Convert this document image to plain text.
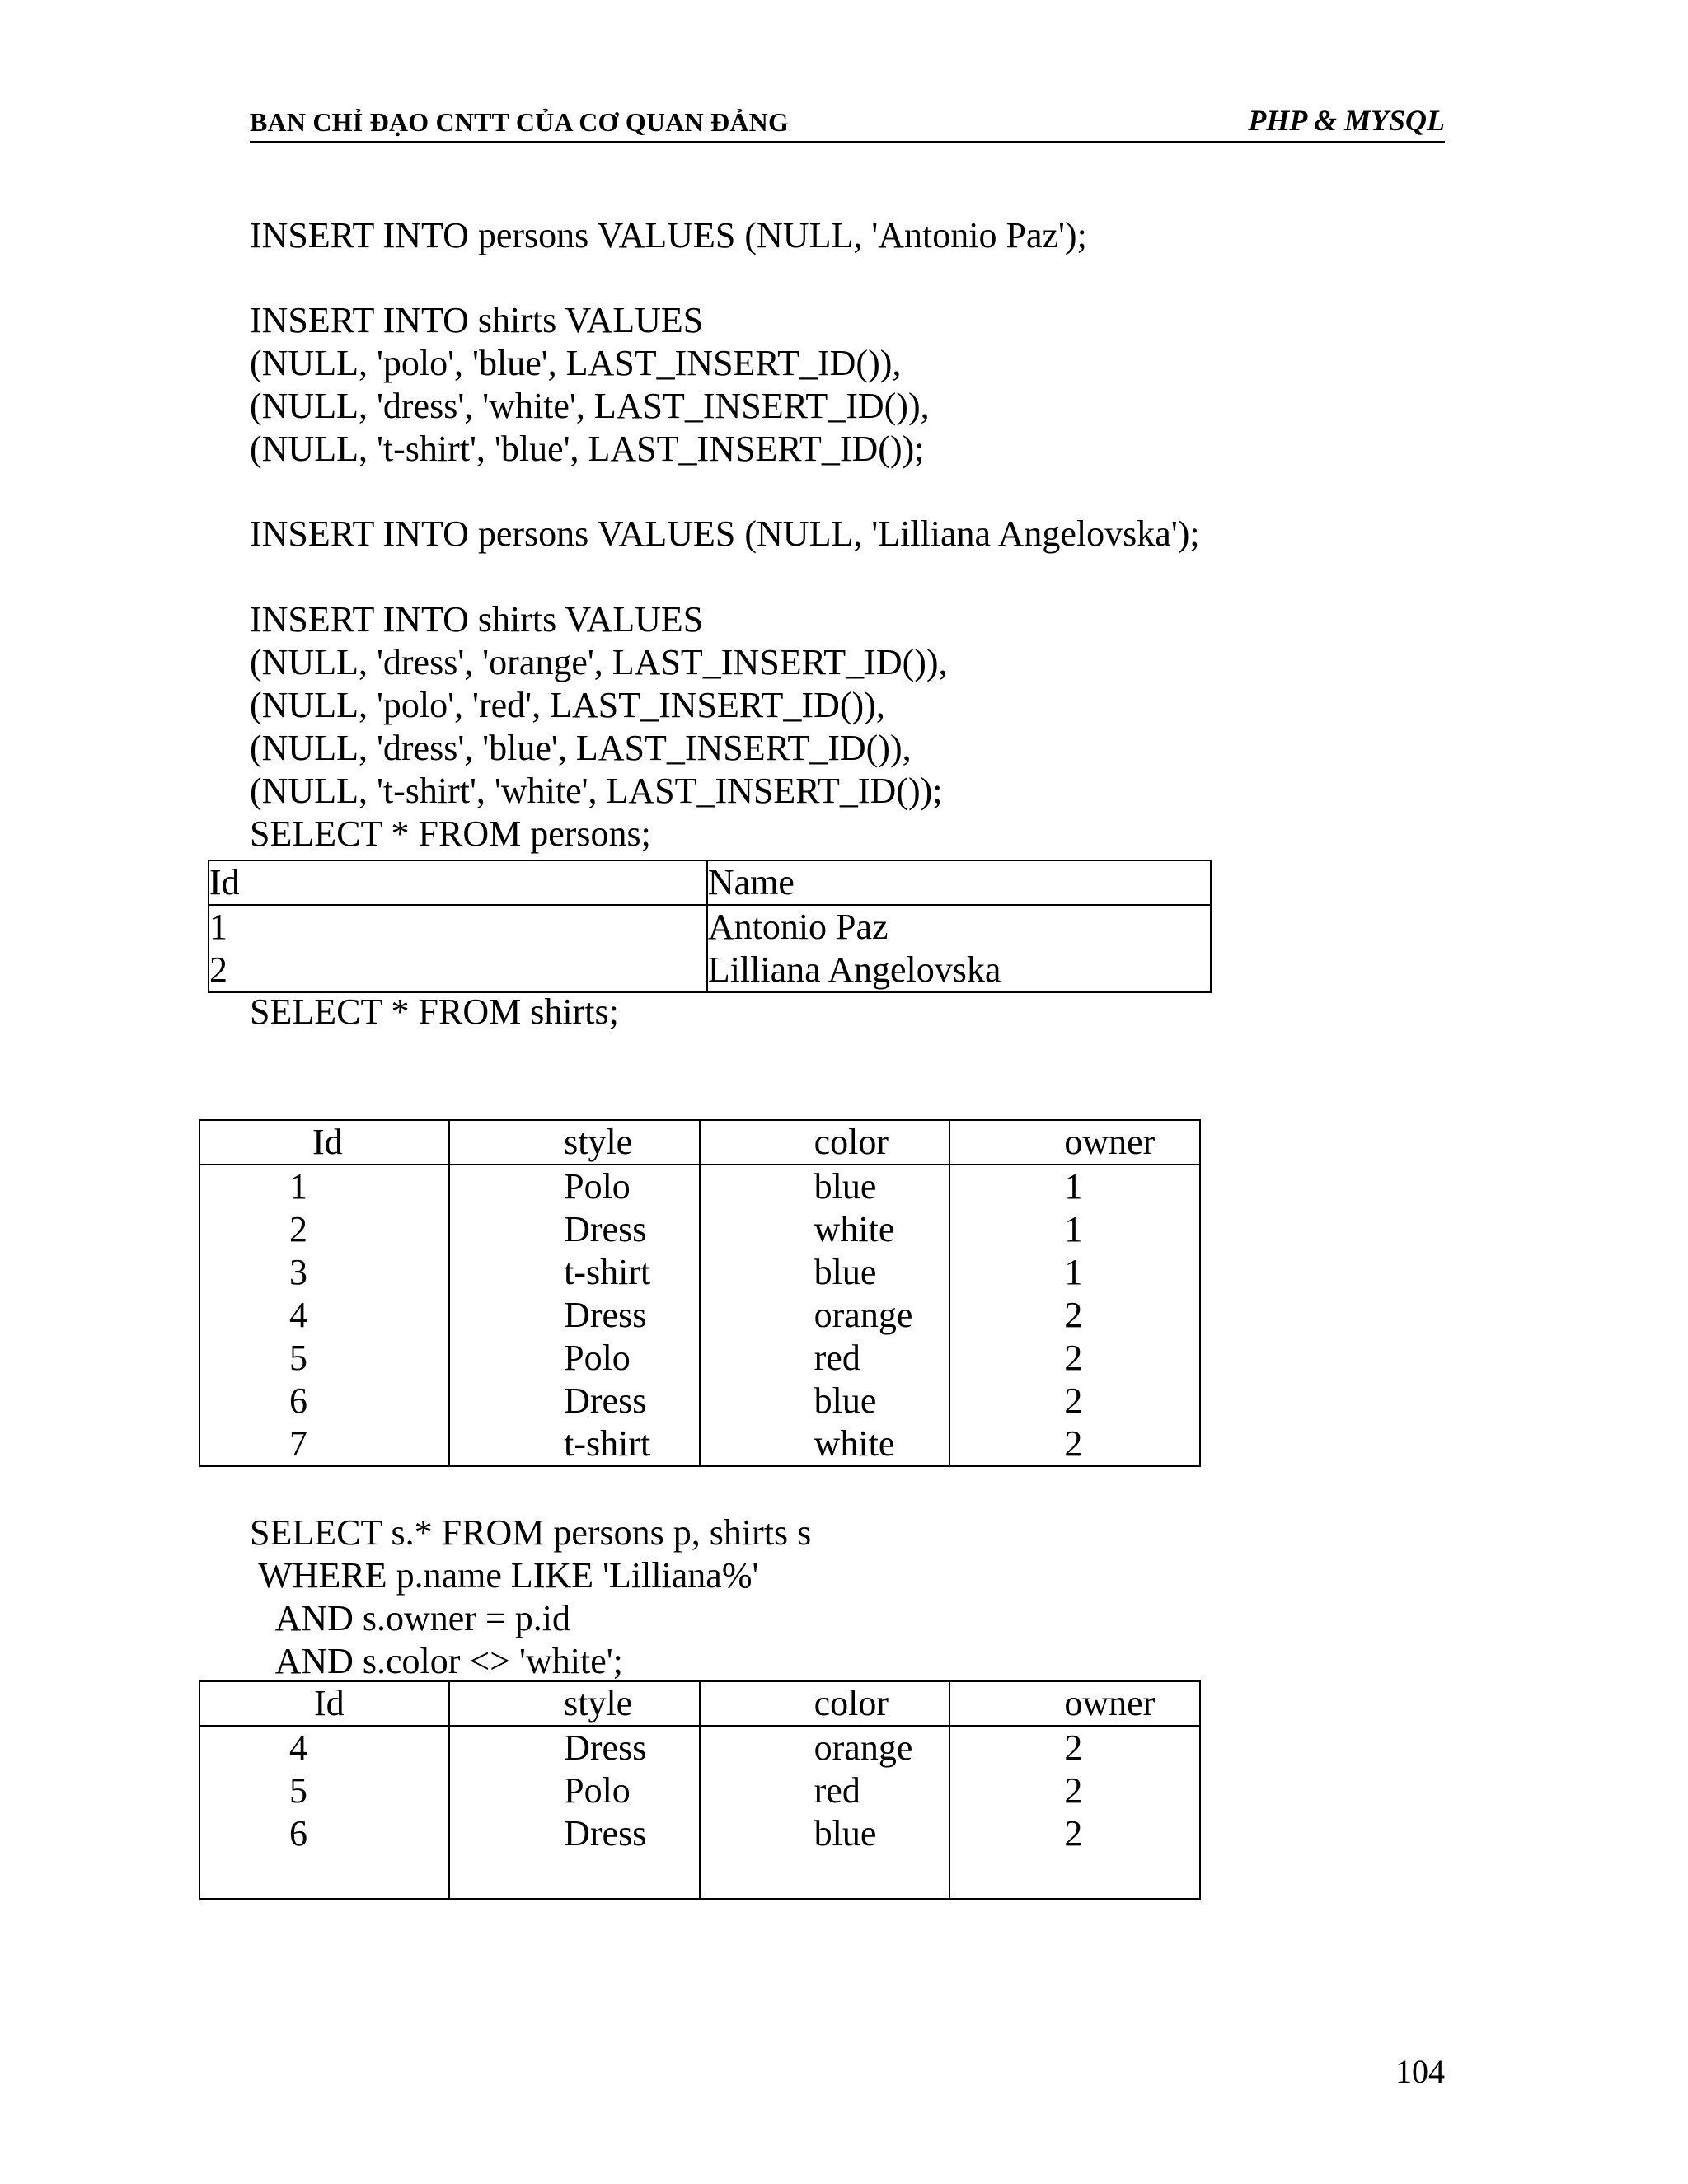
BAN CHỈ ĐẠO CNTT CỦA CƠ QUAN ĐẢNG	PHP & MYSQL
INSERT INTO persons VALUES (NULL, 'Antonio Paz');
INSERT INTO shirts VALUES
(NULL, 'polo', 'blue', LAST_INSERT_ID()),
(NULL, 'dress', 'white', LAST_INSERT_ID()),
(NULL, 't-shirt', 'blue', LAST_INSERT_ID());
INSERT INTO persons VALUES (NULL, 'Lilliana Angelovska');
INSERT INTO shirts VALUES
(NULL, 'dress', 'orange', LAST_INSERT_ID()),
(NULL, 'polo', 'red', LAST_INSERT_ID()),
(NULL, 'dress', 'blue', LAST_INSERT_ID()),
(NULL, 't-shirt', 'white', LAST_INSERT_ID());
SELECT * FROM persons;
Id	Name
1	Antonio Paz
2	Lilliana Angelovska
SELECT * FROM shirts;
Id	style	color	owner
1	Polo	blue	1
2	Dress	white	1
3	t-shirt	blue	1
4	Dress	orange	2
5	Polo	red	2
6	Dress	blue	2
7	t-shirt	white	2
SELECT s.* FROM persons p, shirts s
WHERE p.name LIKE 'Lilliana%'
AND s.owner = p.id
AND s.color <> 'white';
Id	style	color	owner
4	Dress	orange	2
5	Polo	red	2
6	Dress	blue	2

104
